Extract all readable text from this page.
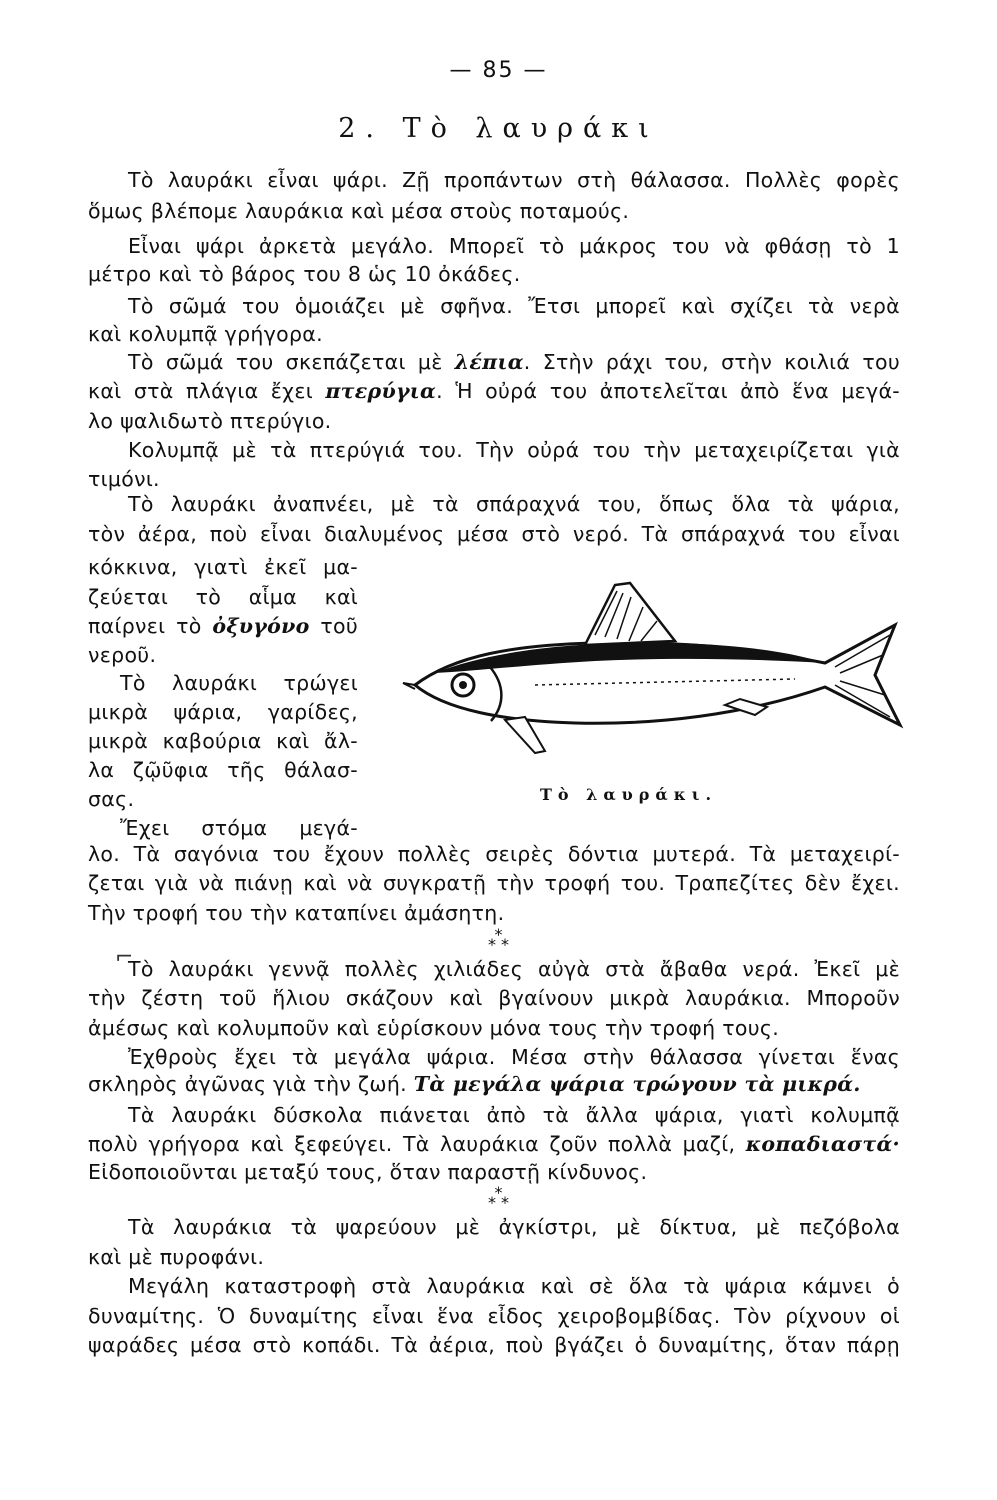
— 85 —
2. Τὸ λαυράκι
Τὸ λαυράκι εἶναι ψάρι. Ζῇ προπάντων στὴ θάλασσα. Πολλὲς φορὲς
ὅμως βλέπομε λαυράκια καὶ μέσα στοὺς ποταμούς.
Εἶναι ψάρι ἀρκετὰ μεγάλο. Μπορεῖ τὸ μάκρος του νὰ φθάσῃ τὸ 1
μέτρο καὶ τὸ βάρος του 8 ὡς 10 ὀκάδες.
Τὸ σῶμά του ὁμοιάζει μὲ σφῆνα. Ἔτσι μπορεῖ καὶ σχίζει τὰ νερὰ
καὶ κολυμπᾷ γρήγορα.
Τὸ σῶμά του σκεπάζεται μὲ λέπια. Στὴν ράχι του, στὴν κοιλιά του
καὶ στὰ πλάγια ἔχει πτερύγια. Ἡ οὐρά του ἀποτελεῖται ἀπὸ ἕνα μεγά-
λο ψαλιδωτὸ πτερύγιο.
Κολυμπᾷ μὲ τὰ πτερύγιά του. Τὴν οὐρά του τὴν μεταχειρίζεται γιὰ
τιμόνι.
Τὸ λαυράκι ἀναπνέει, μὲ τὰ σπάραχνά του, ὅπως ὅλα τὰ ψάρια,
τὸν ἀέρα, ποὺ εἶναι διαλυμένος μέσα στὸ νερό. Τὰ σπάραχνά του εἶναι
κόκκινα, γιατὶ ἐκεῖ μα-
ζεύεται τὸ αἷμα καὶ
παίρνει τὸ ὀξυγόνο τοῦ
νεροῦ.
Τὸ λαυράκι τρώγει
μικρὰ ψάρια, γαρίδες,
μικρὰ καβούρια καὶ ἄλ-
λα ζῷῦφια τῆς θάλασ-
σας.
Ἔχει στόμα μεγά-
Τὸ λαυράκι.
λο. Τὰ σαγόνια του ἔχουν πολλὲς σειρὲς δόντια μυτερά. Τὰ μεταχειρί-
ζεται γιὰ νὰ πιάνῃ καὶ νὰ συγκρατῇ τὴν τροφή του. Τραπεζίτες δὲν ἔχει.
Τὴν τροφή του τὴν καταπίνει ἀμάσητη.
*
* *
⌐
Τὸ λαυράκι γεννᾷ πολλὲς χιλιάδες αὐγὰ στὰ ἄβαθα νερά. Ἐκεῖ μὲ
τὴν ζέστη τοῦ ἥλιου σκάζουν καὶ βγαίνουν μικρὰ λαυράκια. Μποροῦν
ἀμέσως καὶ κολυμποῦν καὶ εὑρίσκουν μόνα τους τὴν τροφή τους.
Ἐχθροὺς ἔχει τὰ μεγάλα ψάρια. Μέσα στὴν θάλασσα γίνεται ἕνας
σκληρὸς ἀγῶνας γιὰ τὴν ζωή. Τὰ μεγάλα ψάρια τρώγουν τὰ μικρά.
Τὰ λαυράκι δύσκολα πιάνεται ἀπὸ τὰ ἄλλα ψάρια, γιατὶ κολυμπᾷ
πολὺ γρήγορα καὶ ξεφεύγει. Τὰ λαυράκια ζοῦν πολλὰ μαζί, κοπαδιαστά·
Εἰδοποιοῦνται μεταξύ τους, ὅταν παραστῇ κίνδυνος.
*
* *
Τὰ λαυράκια τὰ ψαρεύουν μὲ ἀγκίστρι, μὲ δίκτυα, μὲ πεζόβολα
καὶ μὲ πυροφάνι.
Μεγάλη καταστροφὴ στὰ λαυράκια καὶ σὲ ὅλα τὰ ψάρια κάμνει ὁ
δυναμίτης. Ὁ δυναμίτης εἶναι ἕνα εἶδος χειροβομβίδας. Τὸν ρίχνουν οἱ
ψαράδες μέσα στὸ κοπάδι. Τὰ ἀέρια, ποὺ βγάζει ὁ δυναμίτης, ὅταν πάρῃ
